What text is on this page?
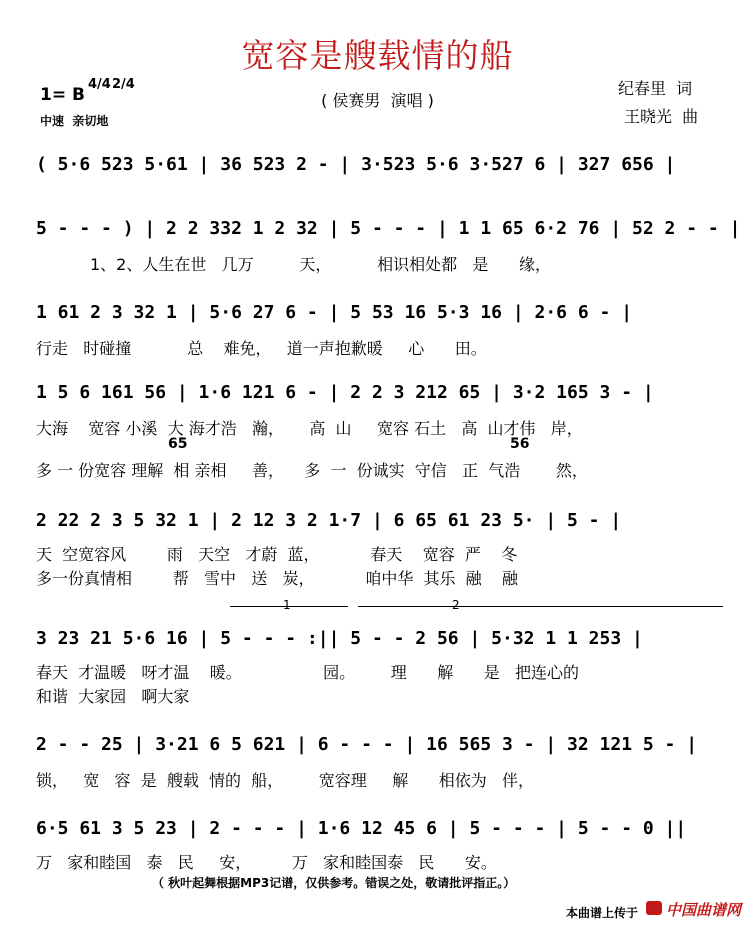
宽容是艘载情的船
( 侯赛男  演唱 )
1= B
4/4 2/4
中速  亲切地
纪春里  词
王晓光  曲
( 5·6 523 5·61 | 36 523 2 - | 3·523 5·6 3·527 6 | 327 656 |
5 - - - ) | 2 2 332 1 2 32 | 5 - - - | 1 1 65 6·2 76 | 52 2 - - |
1、2、人生在世   几万         天，         相识相处都   是      缘，
1 61 2 3 32 1 | 5·6 27 6 - | 5 53 16 5·3 16 | 2·6 6 - |
行走   时碰撞           总    难免，   道一声抱歉暖     心      田。
1 5 6 161 56 | 1·6 121 6 - | 2 2 3 212 65 | 3·2 165 3 - |
大海    宽容 小溪  大 海才浩   瀚，     高  山     宽容 石土   高  山才伟   岸，
65	56
多 一 份宽容 理解  相 亲相     善，    多  一  份诚实  守信   正  气浩       然，
2 22 2 3 5 32 1 | 2 12 3 2 1·7 | 6 65 61 23 5· | 5 - |
天  空宽容风        雨   天空   才蔚  蓝，          春天    宽容  严    冬
多一份真情相        帮   雪中   送   炭，          咱中华  其乐  融    融
1	2
3 23 21 5·6 16 | 5 - - - :|| 5 - - 2 56 | 5·32 1 1 253 |
春天  才温暖   呀才温    暖。                园。       理      解      是   把连心的
和谐  大家园   啊大家
2 - - 25 | 3·21 6 5 621 | 6 - - - | 16 565 3 - | 32 121 5 - |
锁，   宽   容  是  艘载  情的  船，       宽容理     解      相依为   伴，
6·5 61 3 5 23 | 2 - - - | 1·6 12 45 6 | 5 - - - | 5 - - 0 ||
万   家和睦国   泰   民     安，        万   家和睦国泰   民      安。
（ 秋叶起舞根据MP3记谱，仅供参考。错误之处，敬请批评指正。）
本曲谱上传于 中国曲谱网
